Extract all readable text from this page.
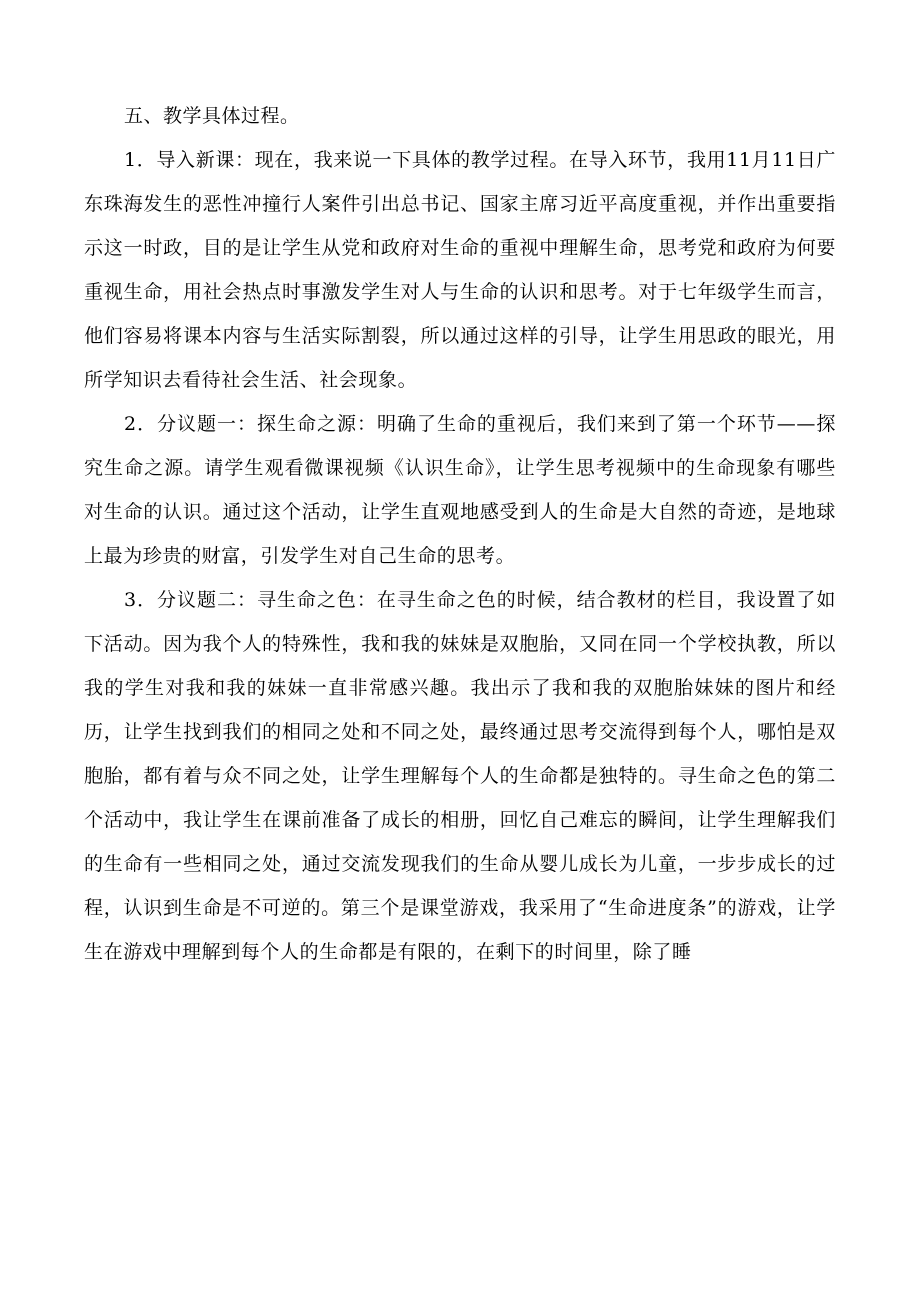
五、教学具体过程。

1．导入新课：现在，我来说一下具体的教学过程。在导入环节，我用11月11日广东珠海发生的恶性冲撞行人案件引出总书记、国家主席习近平高度重视，并作出重要指示这一时政，目的是让学生从党和政府对生命的重视中理解生命，思考党和政府为何要重视生命，用社会热点时事激发学生对人与生命的认识和思考。对于七年级学生而言，他们容易将课本内容与生活实际割裂，所以通过这样的引导，让学生用思政的眼光，用所学知识去看待社会生活、社会现象。

2．分议题一：探生命之源：明确了生命的重视后，我们来到了第一个环节——探究生命之源。请学生观看微课视频《认识生命》，让学生思考视频中的生命现象有哪些对生命的认识。通过这个活动，让学生直观地感受到人的生命是大自然的奇迹，是地球上最为珍贵的财富，引发学生对自己生命的思考。

3．分议题二：寻生命之色：在寻生命之色的时候，结合教材的栏目，我设置了如下活动。因为我个人的特殊性，我和我的妹妹是双胞胎，又同在同一个学校执教，所以我的学生对我和我的妹妹一直非常感兴趣。我出示了我和我的双胞胎妹妹的图片和经历，让学生找到我们的相同之处和不同之处，最终通过思考交流得到每个人，哪怕是双胞胎，都有着与众不同之处，让学生理解每个人的生命都是独特的。寻生命之色的第二个活动中，我让学生在课前准备了成长的相册，回忆自己难忘的瞬间，让学生理解我们的生命有一些相同之处，通过交流发现我们的生命从婴儿成长为儿童，一步步成长的过程，认识到生命是不可逆的。第三个是课堂游戏，我采用了“生命进度条”的游戏，让学生在游戏中理解到每个人的生命都是有限的，在剩下的时间里，除了睡
